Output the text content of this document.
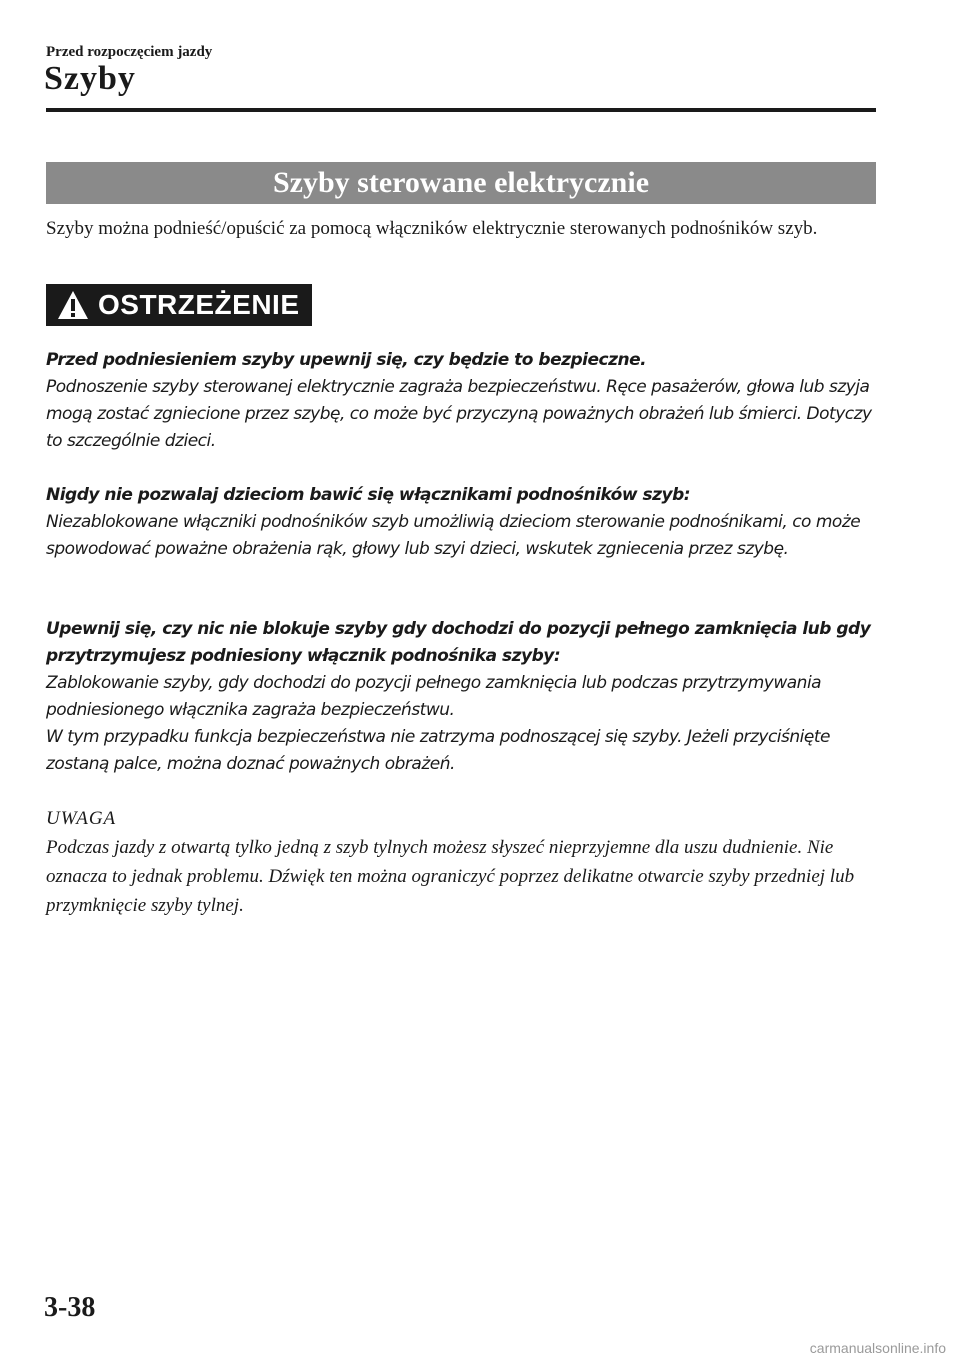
Przed rozpoczęciem jazdy
Szyby
Szyby sterowane elektrycznie

Szyby można podnieść/opuścić za pomocą włączników elektrycznie sterowanych podnośników szyb.

OSTRZEŻENIE

Przed podniesieniem szyby upewnij się, czy będzie to bezpieczne.

Podnoszenie szyby sterowanej elektrycznie zagraża bezpieczeństwu. Ręce pasażerów, głowa lub szyja mogą zostać zgniecione przez szybę, co może być przyczyną poważnych obrażeń lub śmierci. Dotyczy to szczególnie dzieci.

Nigdy nie pozwalaj dzieciom bawić się włącznikami podnośników szyb:

Niezablokowane włączniki podnośników szyb umożliwią dzieciom sterowanie podnośnikami, co może spowodować poważne obrażenia rąk, głowy lub szyi dzieci, wskutek zgniecenia przez szybę.

Upewnij się, czy nic nie blokuje szyby gdy dochodzi do pozycji pełnego zamknięcia lub gdy przytrzymujesz podniesiony włącznik podnośnika szyby:

Zablokowanie szyby, gdy dochodzi do pozycji pełnego zamknięcia lub podczas przytrzymywania podniesionego włącznika zagraża bezpieczeństwu.

W tym przypadku funkcja bezpieczeństwa nie zatrzyma podnoszącej się szyby. Jeżeli przyciśnięte zostaną palce, można doznać poważnych obrażeń.

UWAGA

Podczas jazdy z otwartą tylko jedną z szyb tylnych możesz słyszeć nieprzyjemne dla uszu dudnienie. Nie oznacza to jednak problemu. Dźwięk ten można ograniczyć poprzez delikatne otwarcie szyby przedniej lub przymknięcie szyby tylnej.

3-38
carmanualsonline.info
